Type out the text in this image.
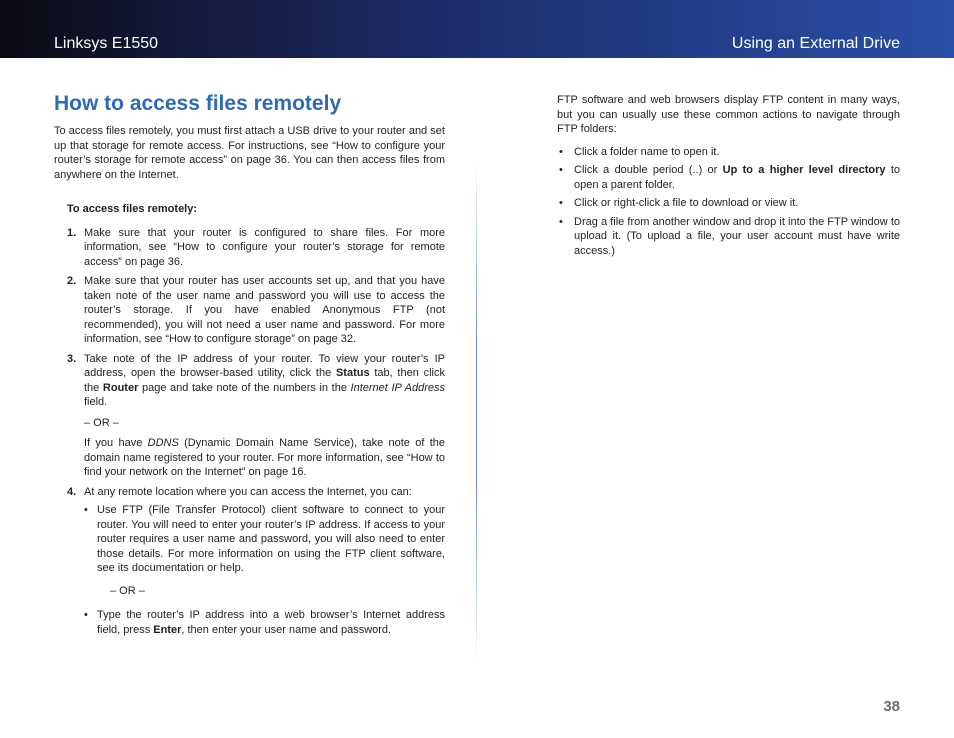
Linksys E1550	Using an External Drive
How to access files remotely

To access files remotely, you must first attach a USB drive to your router and set up that storage for remote access. For instructions, see “How to configure your router’s storage for remote access” on page 36. You can then access files from anywhere on the Internet.

To access files remotely:

1. Make sure that your router is configured to share files. For more information, see “How to configure your router’s storage for remote access” on page 36.
2. Make sure that your router has user accounts set up, and that you have taken note of the user name and password you will use to access the router’s storage. If you have enabled Anonymous FTP (not recommended), you will not need a user name and password. For more information, see “How to configure storage” on page 32.
3. Take note of the IP address of your router. To view your router’s IP address, open the browser-based utility, click the Status tab, then click the Router page and take note of the numbers in the Internet IP Address field.

– OR –

If you have DDNS (Dynamic Domain Name Service), take note of the domain name registered to your router. For more information, see “How to find your network on the Internet” on page 16.

4. At any remote location where you can access the Internet, you can:

• Use FTP (File Transfer Protocol) client software to connect to your router. You will need to enter your router’s IP address. If access to your router requires a user name and password, you will also need to enter those details. For more information on using the FTP client software, see its documentation or help.

– OR –

• Type the router’s IP address into a web browser’s Internet address field, press Enter, then enter your user name and password.

FTP software and web browsers display FTP content in many ways, but you can usually use these common actions to navigate through FTP folders:

• Click a folder name to open it.
• Click a double period (..) or Up to a higher level directory to open a parent folder.
• Click or right-click a file to download or view it.
• Drag a file from another window and drop it into the FTP window to upload it. (To upload a file, your user account must have write access.)
38
